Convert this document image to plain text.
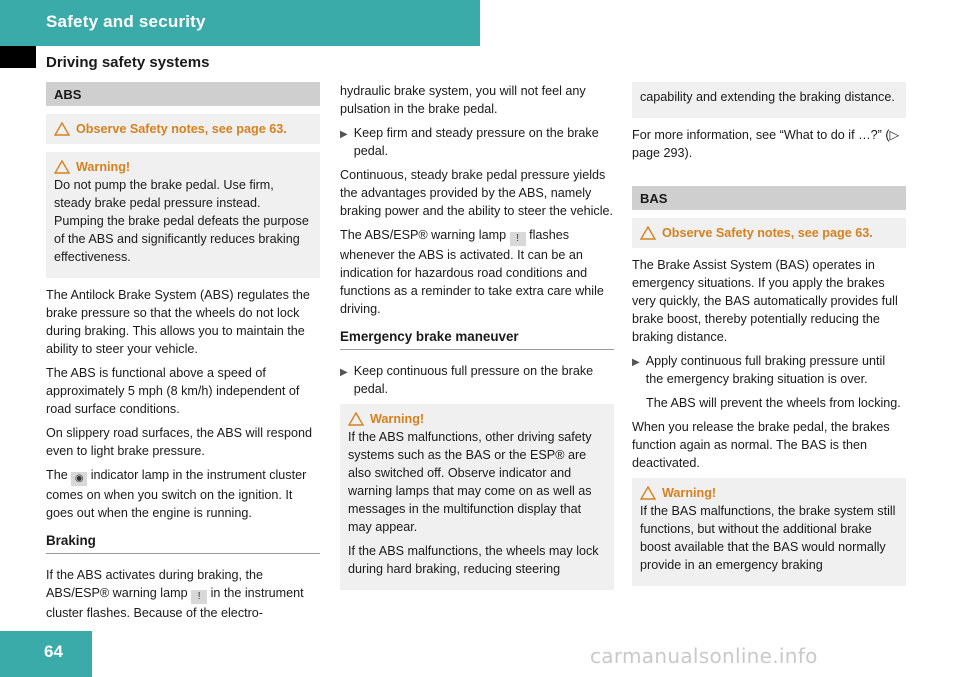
Safety and security
Driving safety systems
ABS
Observe Safety notes, see page 63.
Warning!

Do not pump the brake pedal. Use firm, steady brake pedal pressure instead. Pumping the brake pedal defeats the purpose of the ABS and significantly reduces braking effectiveness.

The Antilock Brake System (ABS) regulates the brake pressure so that the wheels do not lock during braking. This allows you to maintain the ability to steer your vehicle.

The ABS is functional above a speed of approximately 5 mph (8 km/h) independent of road surface conditions.

On slippery road surfaces, the ABS will respond even to light brake pressure.

The ◉ indicator lamp in the instrument cluster comes on when you switch on the ignition. It goes out when the engine is running.

Braking

If the ABS activates during braking, the ABS/ESP® warning lamp ! in the instrument cluster flashes. Because of the electro-

hydraulic brake system, you will not feel any pulsation in the brake pedal.

▶ Keep firm and steady pressure on the brake pedal.

Continuous, steady brake pedal pressure yields the advantages provided by the ABS, namely braking power and the ability to steer the vehicle.

The ABS/ESP® warning lamp ! flashes whenever the ABS is activated. It can be an indication for hazardous road conditions and functions as a reminder to take extra care while driving.

Emergency brake maneuver
▶ Keep continuous full pressure on the brake pedal.
Warning!

If the ABS malfunctions, other driving safety systems such as the BAS or the ESP® are also switched off. Observe indicator and warning lamps that may come on as well as messages in the multifunction display that may appear.

If the ABS malfunctions, the wheels may lock during hard braking, reducing steering

capability and extending the braking distance.

For more information, see “What to do if …?” (▷ page 293).

BAS
Observe Safety notes, see page 63.

The Brake Assist System (BAS) operates in emergency situations. If you apply the brakes very quickly, the BAS automatically provides full brake boost, thereby potentially reducing the braking distance.

▶ Apply continuous full braking pressure until the emergency braking situation is over.

The ABS will prevent the wheels from locking.

When you release the brake pedal, the brakes function again as normal. The BAS is then deactivated.

Warning!

If the BAS malfunctions, the brake system still functions, but without the additional brake boost available that the BAS would normally provide in an emergency braking

64	carmanualsonline.info
